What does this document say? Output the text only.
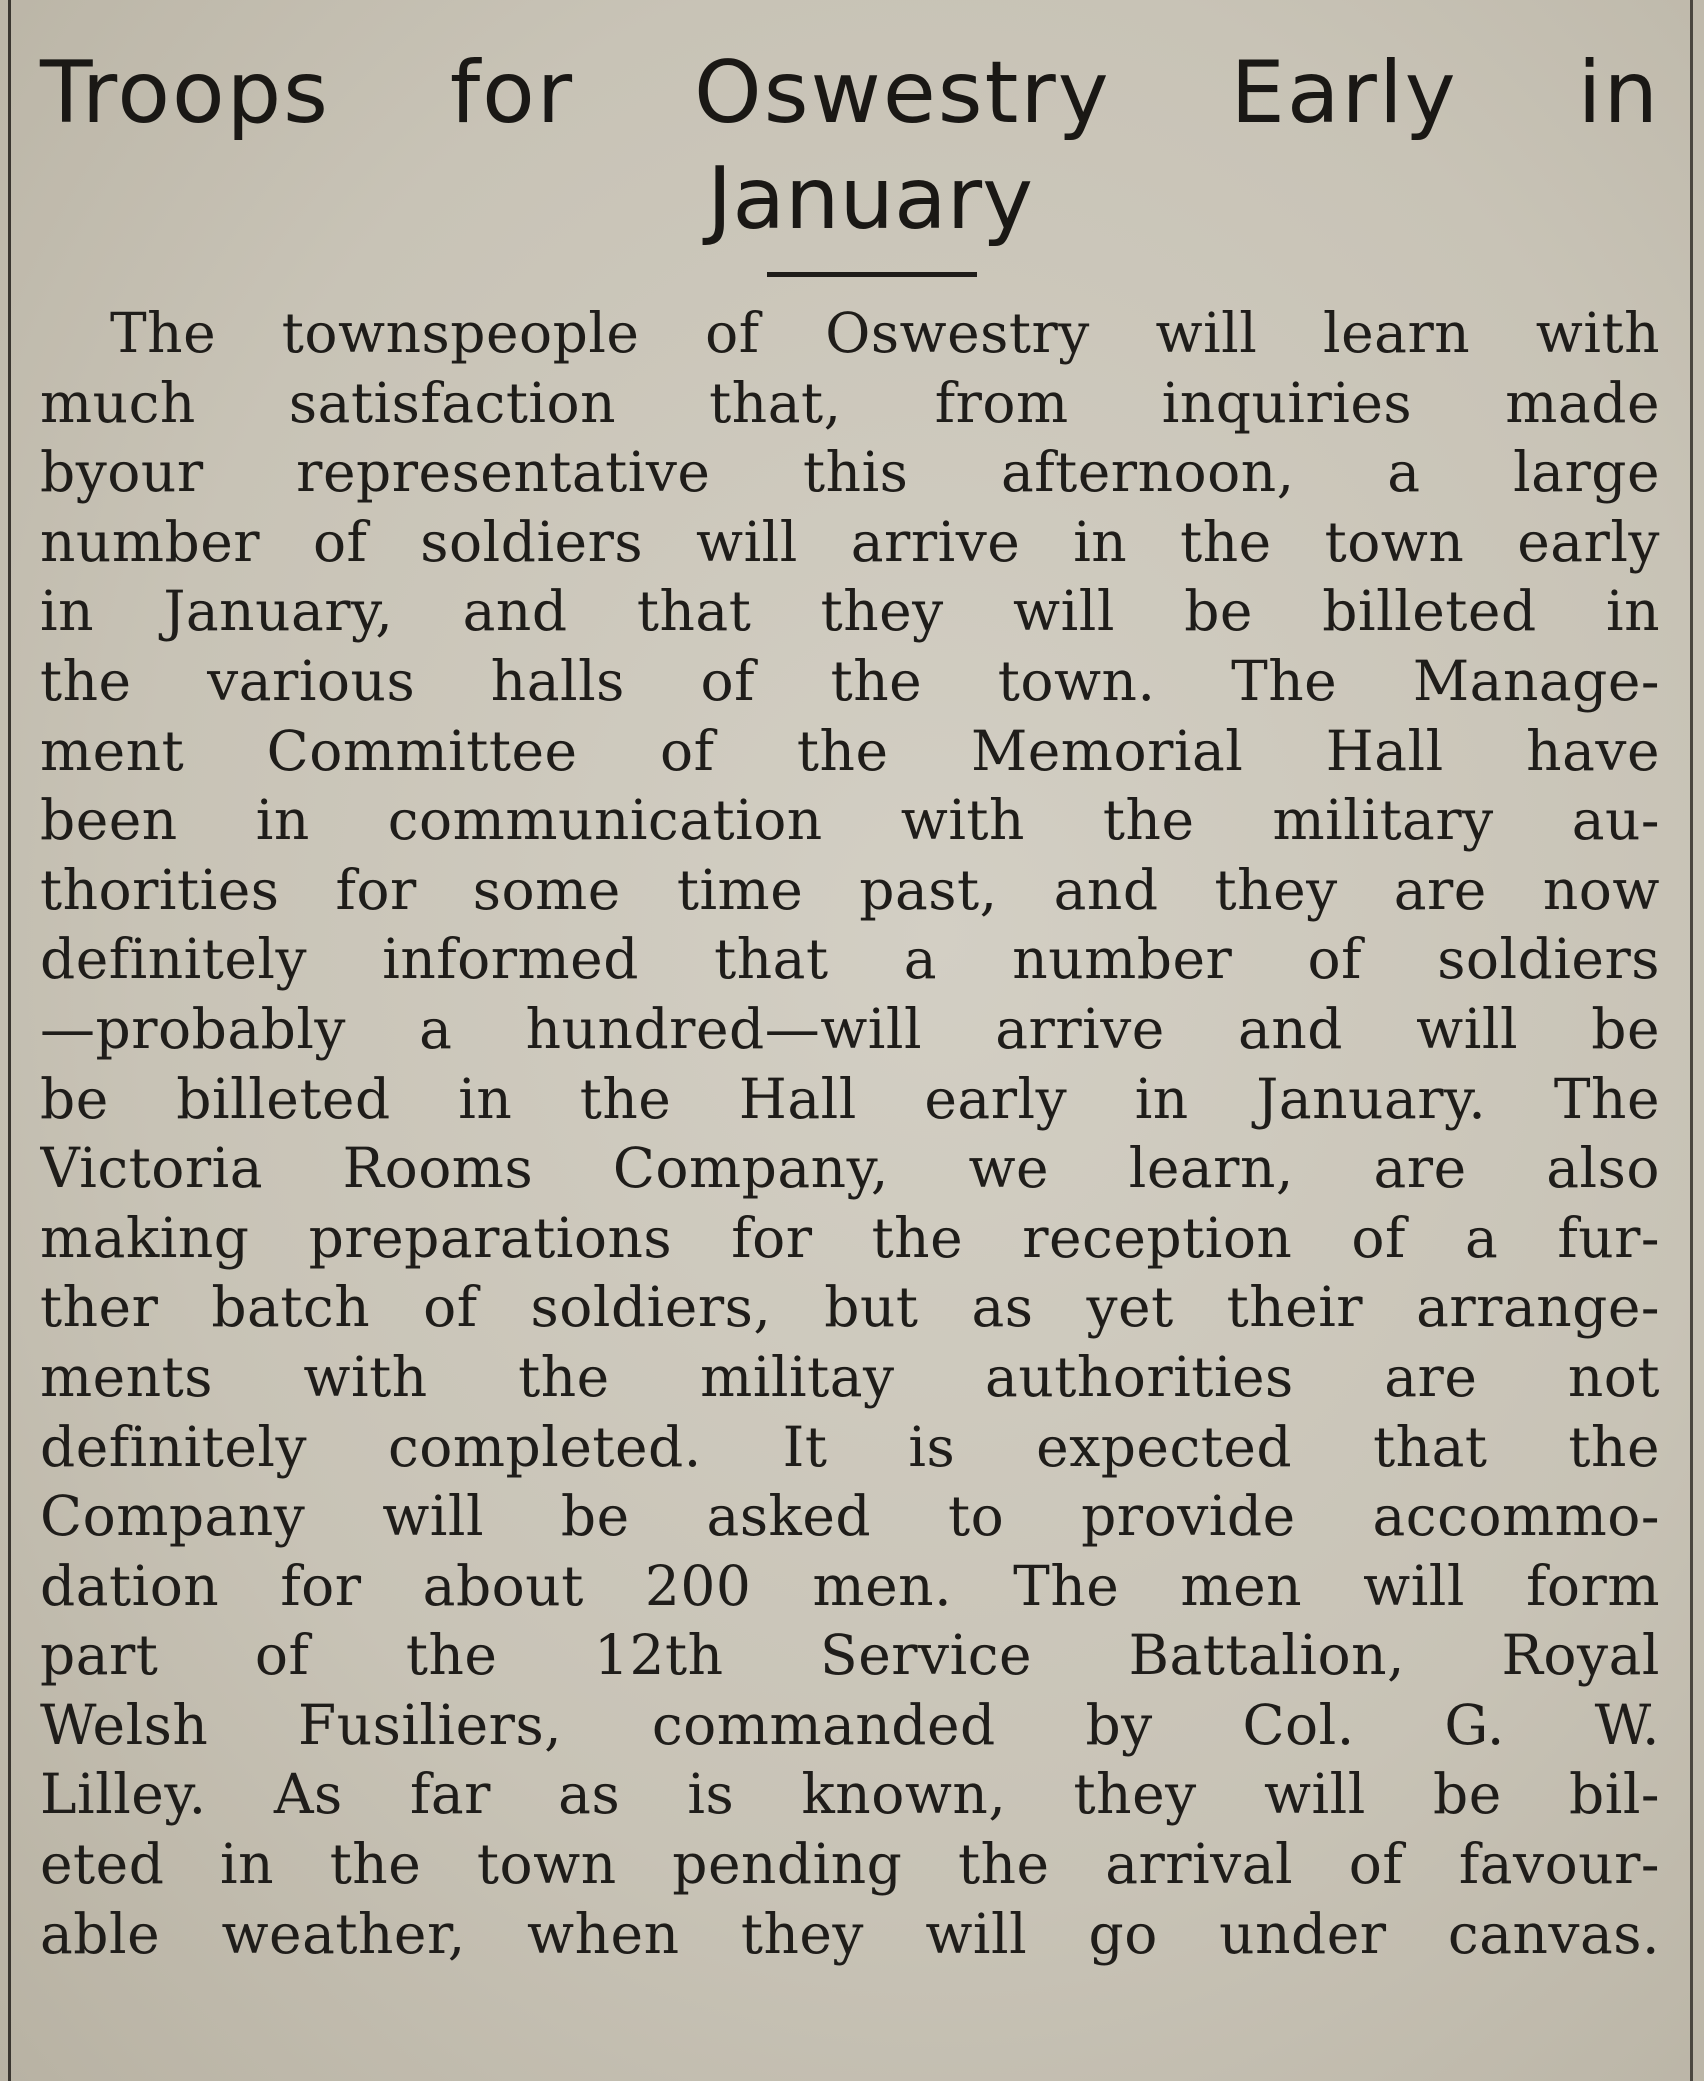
Troops for Oswestry Early in
January
The townspeople of Oswestry will learn with
much satisfaction that, from inquiries made
byour representative this afternoon, a large
number of soldiers will arrive in the town early
in January, and that they will be billeted in
the various halls of the town. The Manage-
ment Committee of the Memorial Hall have
been in communication with the military au-
thorities for some time past, and they are now
definitely informed that a number of soldiers
—probably a hundred—will arrive and will be
be billeted in the Hall early in January. The
Victoria Rooms Company, we learn, are also
making preparations for the reception of a fur-
ther batch of soldiers, but as yet their arrange-
ments with the militay authorities are not
definitely completed. It is expected that the
Company will be asked to provide accommo-
dation for about 200 men. The men will form
part of the 12th Service Battalion, Royal
Welsh Fusiliers, commanded by Col. G. W.
Lilley. As far as is known, they will be bil-
eted in the town pending the arrival of favour-
able weather, when they will go under canvas.
